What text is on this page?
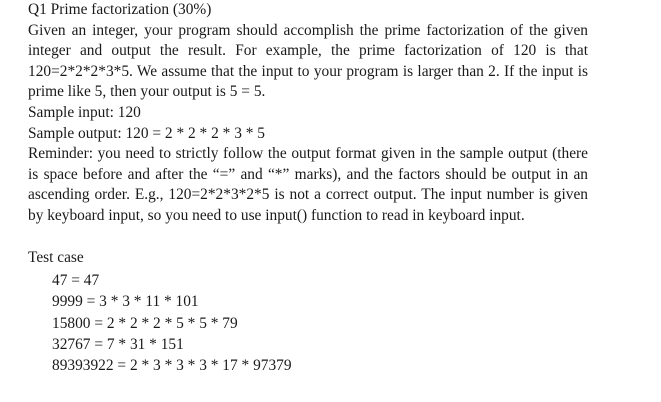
Q1 Prime factorization (30%)

Given an integer, your program should accomplish the prime factorization of the given integer and output the result. For example, the prime factorization of 120 is that 120=2*2*2*3*5. We assume that the input to your program is larger than 2. If the input is prime like 5, then your output is 5 = 5.

Sample input: 120

Sample output: 120 = 2 * 2 * 2 * 3 * 5

Reminder: you need to strictly follow the output format given in the sample output (there is space before and after the “=” and “*” marks), and the factors should be output in an ascending order. E.g., 120=2*2*3*2*5 is not a correct output. The input number is given by keyboard input, so you need to use input() function to read in keyboard input.

Test case

47 = 47

9999 = 3 * 3 * 11 * 101

15800 = 2 * 2 * 2 * 5 * 5 * 79

32767 = 7 * 31 * 151

89393922 = 2 * 3 * 3 * 3 * 17 * 97379
